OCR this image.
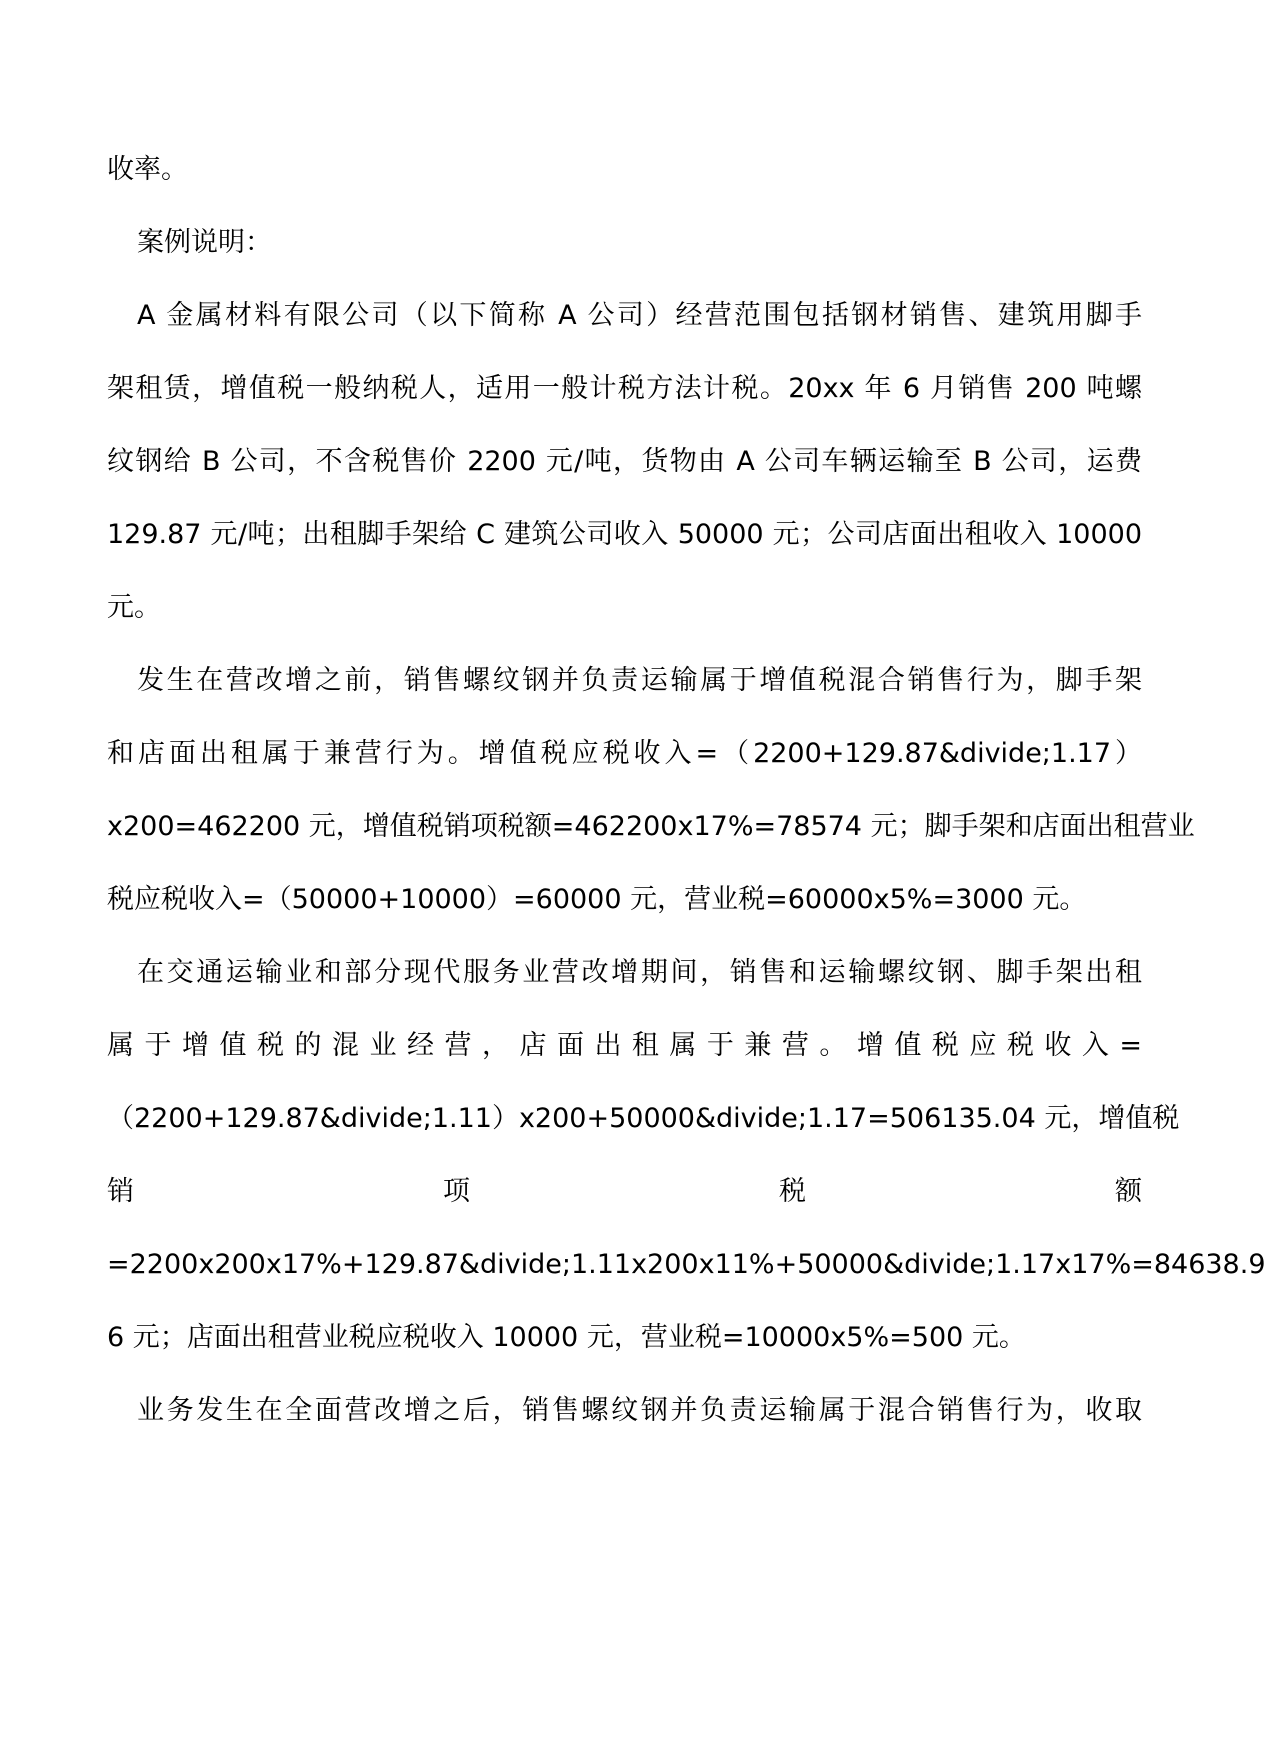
收率。
案例说明：
A 金属材料有限公司（以下简称 A 公司）经营范围包括钢材销售、建筑用脚手
架租赁，增值税一般纳税人，适用一般计税方法计税。20xx 年 6 月销售 200 吨螺
纹钢给 B 公司，不含税售价 2200 元/吨，货物由 A 公司车辆运输至 B 公司，运费
129.87 元/吨；出租脚手架给 C 建筑公司收入 50000 元；公司店面出租收入 10000
元。
发生在营改增之前，销售螺纹钢并负责运输属于增值税混合销售行为，脚手架
和店面出租属于兼营行为。增值税应税收入=（2200+129.87&divide;1.17）
x200=462200 元，增值税销项税额=462200x17%=78574 元；脚手架和店面出租营业
税应税收入=（50000+10000）=60000 元，营业税=60000x5%=3000 元。
在交通运输业和部分现代服务业营改增期间，销售和运输螺纹钢、脚手架出租
属于增值税的混业经营，店面出租属于兼营。增值税应税收入=
（2200+129.87&divide;1.11）x200+50000&divide;1.17=506135.04 元，增值税
销	项	税	额
=2200x200x17%+129.87&divide;1.11x200x11%+50000&divide;1.17x17%=84638.9
6 元；店面出租营业税应税收入 10000 元，营业税=10000x5%=500 元。
业务发生在全面营改增之后，销售螺纹钢并负责运输属于混合销售行为，收取
